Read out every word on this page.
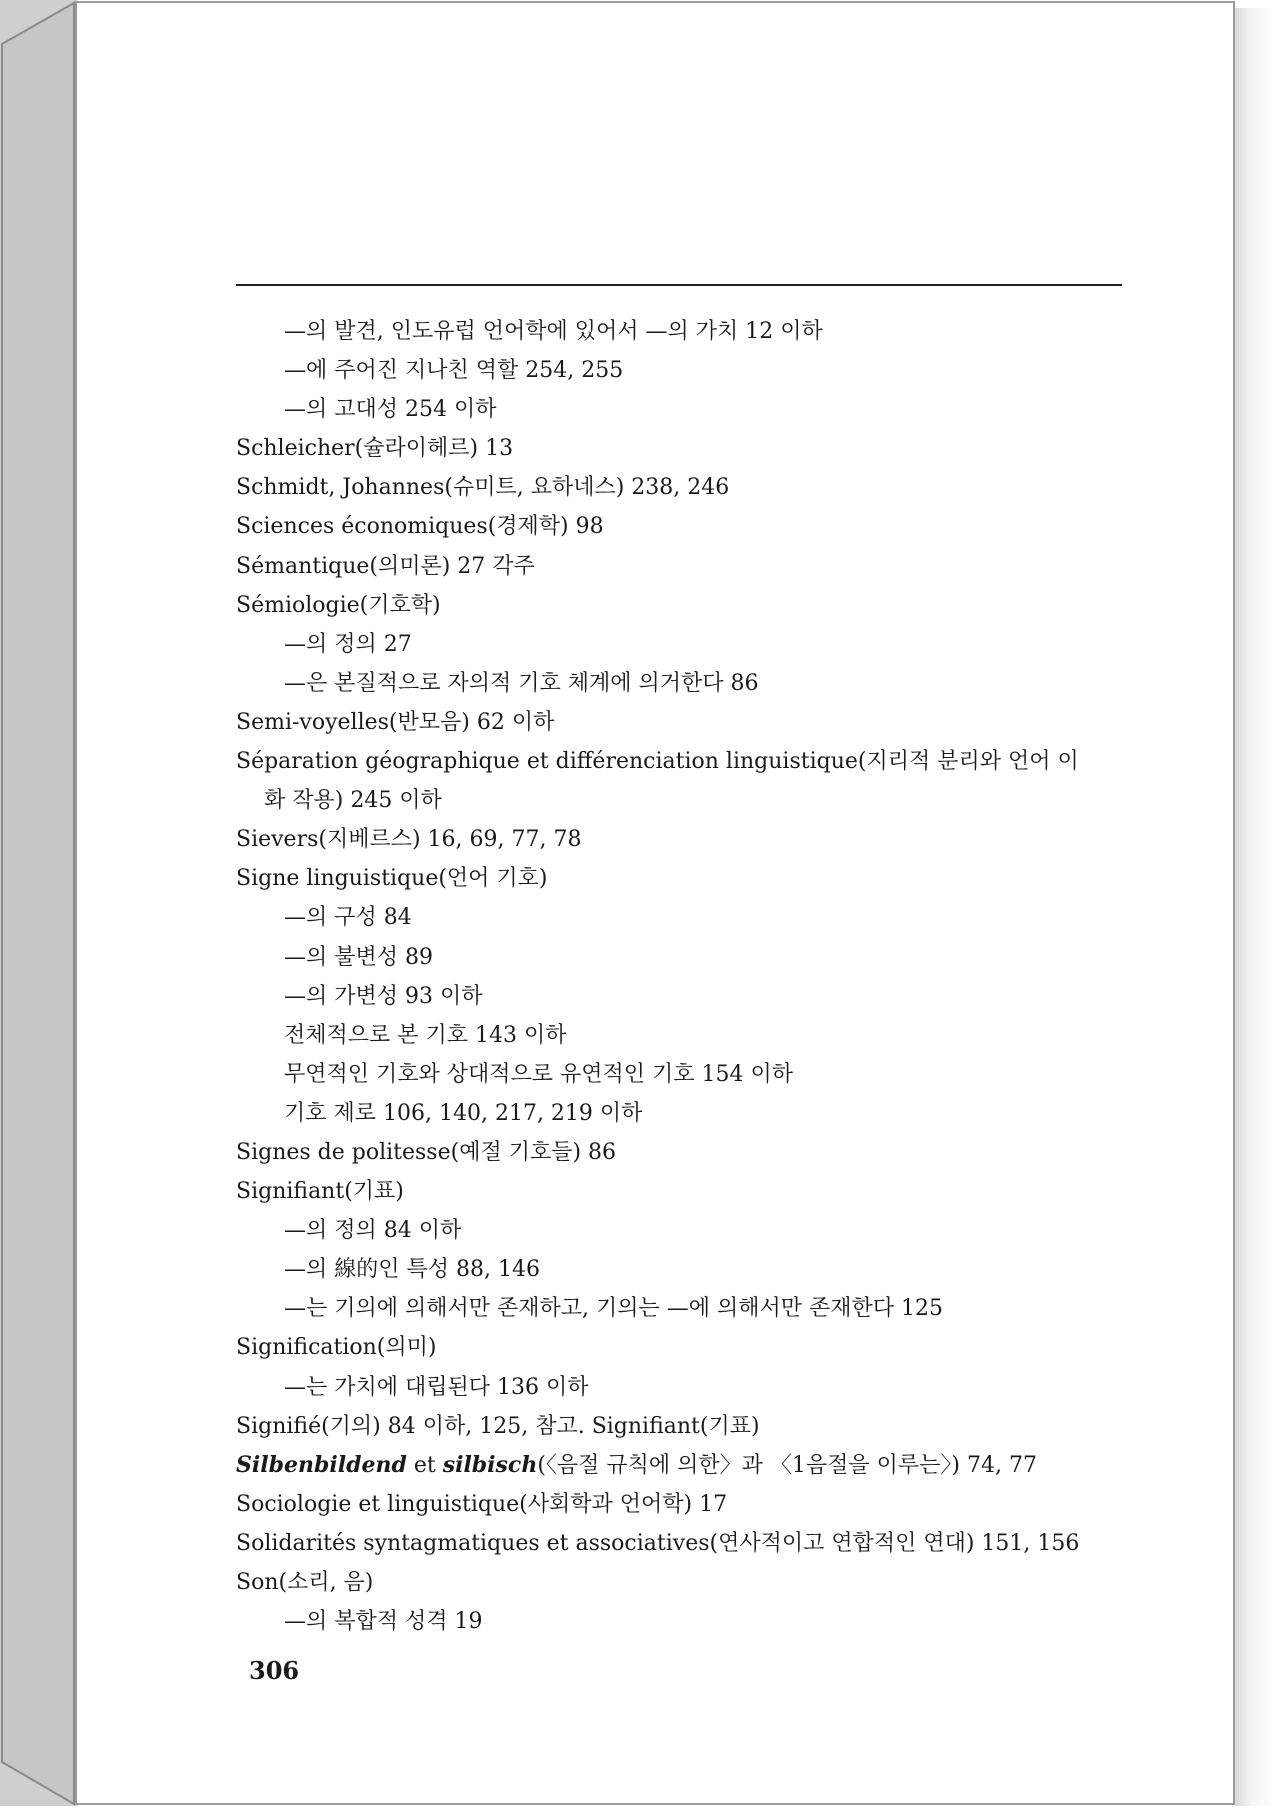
—의 발견, 인도유럽 언어학에 있어서 —의 가치 12 이하
—에 주어진 지나친 역할 254, 255
—의 고대성 254 이하
Schleicher(슐라이헤르) 13
Schmidt, Johannes(슈미트, 요하네스) 238, 246
Sciences économiques(경제학) 98
Sémantique(의미론) 27 각주
Sémiologie(기호학)
—의 정의 27
—은 본질적으로 자의적 기호 체계에 의거한다 86
Semi-voyelles(반모음) 62 이하
Séparation géographique et différenciation linguistique(지리적 분리와 언어 이
화 작용) 245 이하
Sievers(지베르스) 16, 69, 77, 78
Signe linguistique(언어 기호)
—의 구성 84
—의 불변성 89
—의 가변성 93 이하
전체적으로 본 기호 143 이하
무연적인 기호와 상대적으로 유연적인 기호 154 이하
기호 제로 106, 140, 217, 219 이하
Signes de politesse(예절 기호들) 86
Signifiant(기표)
—의 정의 84 이하
—의 線的인 특성 88, 146
—는 기의에 의해서만 존재하고, 기의는 —에 의해서만 존재한다 125
Signification(의미)
—는 가치에 대립된다 136 이하
Signifié(기의) 84 이하, 125, 참고. Signifiant(기표)
Silbenbildend et silbisch(〈음절 규칙에 의한〉과 〈1음절을 이루는〉) 74, 77
Sociologie et linguistique(사회학과 언어학) 17
Solidarités syntagmatiques et associatives(연사적이고 연합적인 연대) 151, 156
Son(소리, 음)
—의 복합적 성격 19
306
